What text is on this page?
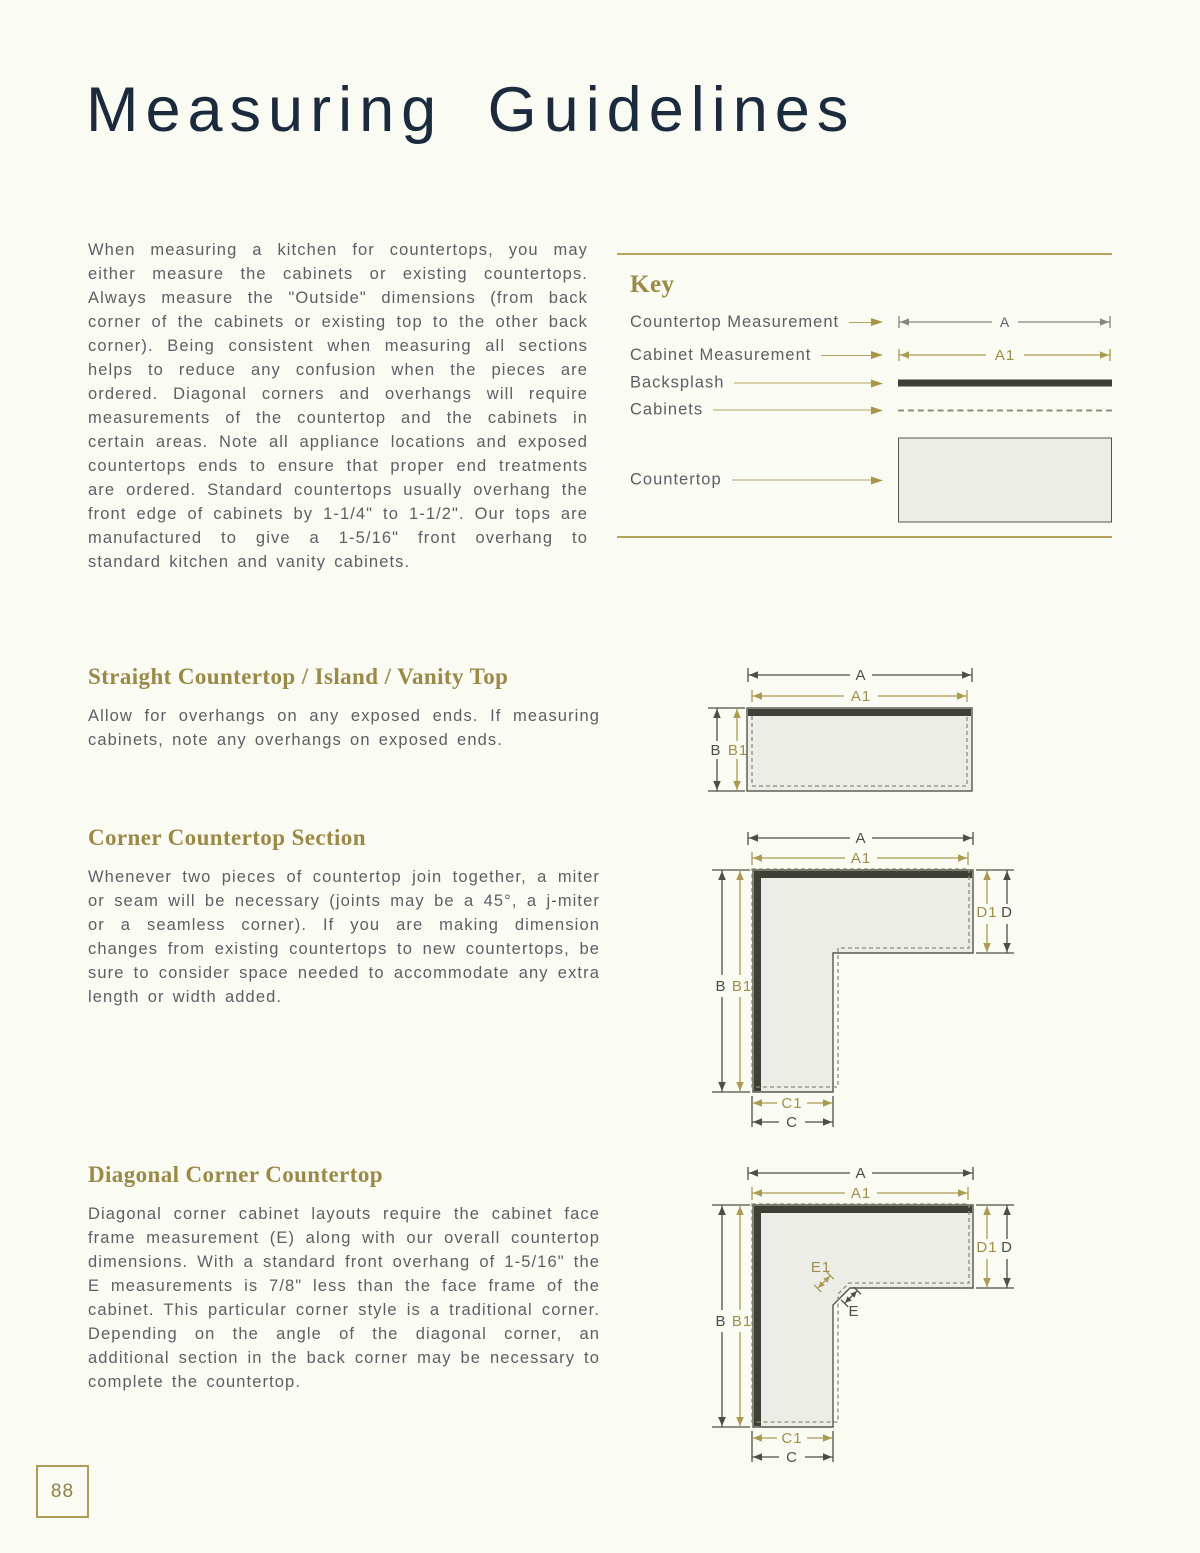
Measuring Guidelines

When measuring a kitchen for countertops, you may either measure the cabinets or existing countertops. Always measure the "Outside" dimensions (from back corner of the cabinets or existing top to the other back corner). Being consistent when measuring all sections helps to reduce any confusion when the pieces are ordered. Diagonal corners and overhangs will require measurements of the countertop and the cabinets in certain areas. Note all appliance locations and exposed countertops ends to ensure that proper end treatments are ordered. Standard countertops usually overhang the front edge of cabinets by 1-1/4" to 1-1/2". Our tops are manufactured to give a 1-5/16" front overhang to standard kitchen and vanity cabinets.

Key
Countertop Measurement	A
Cabinet Measurement	A1
Backsplash
Cabinets
Countertop
Straight Countertop / Island / Vanity Top

Allow for overhangs on any exposed ends. If measuring cabinets, note any overhangs on exposed ends.

A
A1
B B1
Corner Countertop Section

Whenever two pieces of countertop join together, a miter or seam will be necessary (joints may be a 45°, a j-miter or a seamless corner). If you are making dimension changes from existing countertops to new countertops, be sure to consider space needed to accommodate any extra length or width added.

A
A1
B B1
D1 D
C1
C
Diagonal Corner Countertop

Diagonal corner cabinet layouts require the cabinet face frame measurement (E) along with our overall countertop dimensions. With a standard front overhang of 1-5/16" the E measurements is 7/8" less than the face frame of the cabinet. This particular corner style is a traditional corner. Depending on the angle of the diagonal corner, an additional section in the back corner may be necessary to complete the countertop.

A
A1
B B1
D1 D
C1
C
E1
E
88
